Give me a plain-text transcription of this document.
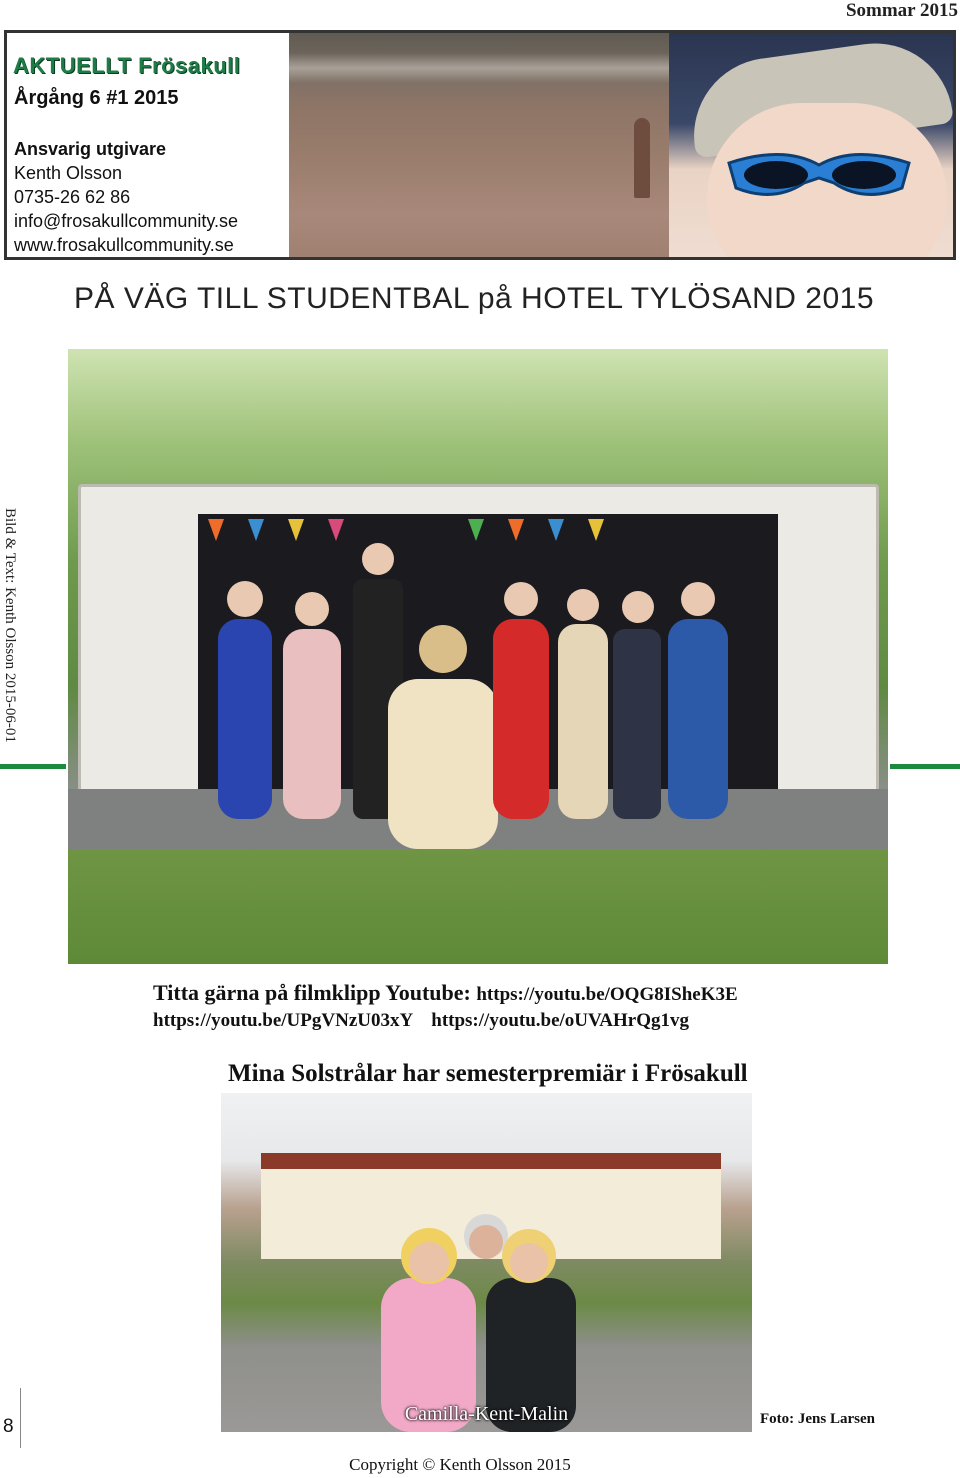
Sommar 2015
AKTUELLT Frösakull
Årgång 6 #1 2015
Ansvarig utgivare
Kenth Olsson
0735-26 62 86
info@frosakullcommunity.se
www.frosakullcommunity.se
PÅ VÄG TILL STUDENTBAL på HOTEL TYLÖSAND 2015
Bild & Text: Kenth Olsson 2015-06-01
Titta gärna på filmklipp Youtube: https://youtu.be/OQG8ISheK3E
https://youtu.be/UPgVNzU03xY https://youtu.be/oUVAHrQg1vg
Mina Solstrålar har semesterpremiär i Frösakull
Camilla-Kent-Malin	Foto: Jens Larsen
8
Copyright © Kenth Olsson 2015
